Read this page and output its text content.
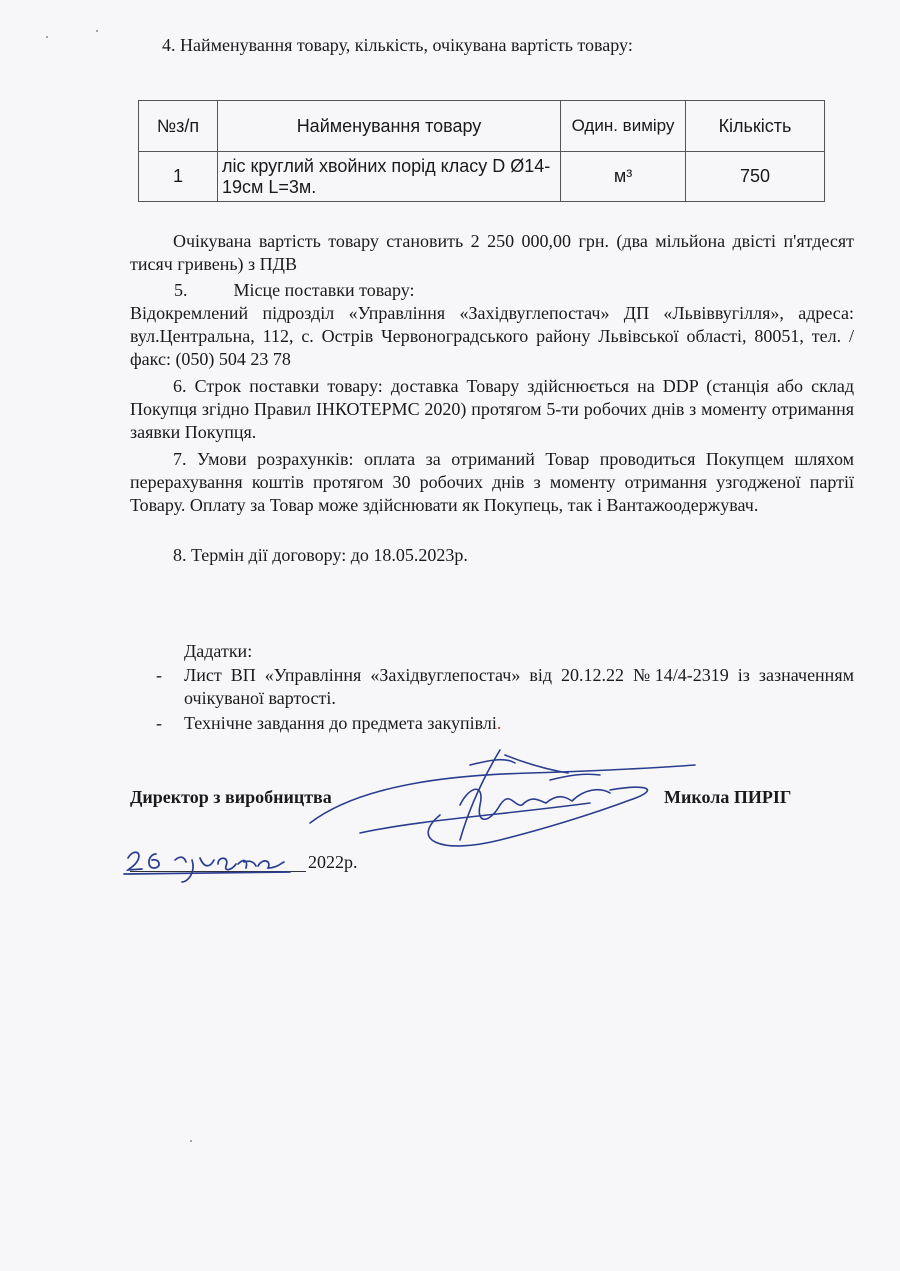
4. Найменування товару, кількість, очікувана вартість товару:
№з/п	Найменування товару	Один. виміру	Кількість
1	ліс круглий хвойних порід класу D Ø14-19см L=3м.	м³	750

Очікувана вартість товару становить 2 250 000,00 грн. (два мільйона двісті п'ятдесят тисяч гривень) з ПДВ

5.	Місце поставки товару:

Відокремлений підрозділ «Управління «Західвуглепостач» ДП «Львіввугілля», адреса: вул.Центральна, 112, с. Острів Червоноградського району Львівської області, 80051, тел. /факс: (050) 504 23 78

6. Строк поставки товару: доставка Товару здійснюється на DDP (станція або склад Покупця згідно Правил ІНКОТЕРМС 2020) протягом 5-ти робочих днів з моменту отримання заявки Покупця.

7. Умови розрахунків: оплата за отриманий Товар проводиться Покупцем шляхом перерахування коштів протягом 30 робочих днів з моменту отримання узгодженої партії Товару. Оплату за Товар може здійснювати як Покупець, так і Вантажоодержувач.

8. Термін дії договору: до 18.05.2023р.

Дадатки:
- Лист ВП «Управління «Західвуглепостач» від 20.12.22 №14/4-2319 із зазначенням очікуваної вартості.
- Технічне завдання до предмета закупівлі.
Директор з виробництва	Микола ПИРІГ
2022р.
